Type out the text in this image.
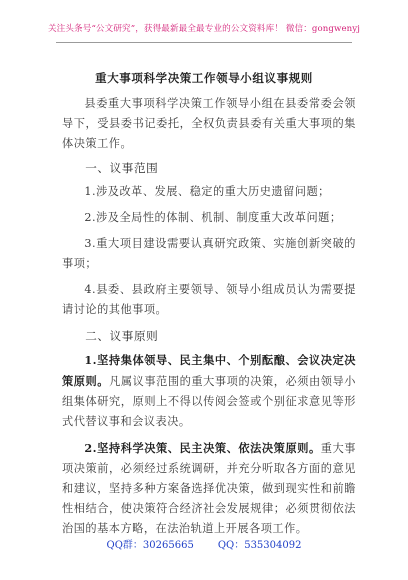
关注头条号“公文研究”，获得最新最全最专业的公文资料库！ 微信：gongwenyj
重大事项科学决策工作领导小组议事规则

县委重大事项科学决策工作领导小组在县委常委会领导下，受县委书记委托，全权负责县委有关重大事项的集体决策工作。

一、议事范围

1.涉及改革、发展、稳定的重大历史遗留问题；

2.涉及全局性的体制、机制、制度重大改革问题；

3.重大项目建设需要认真研究政策、实施创新突破的事项；

4.县委、县政府主要领导、领导小组成员认为需要提请讨论的其他事项。

二、议事原则

1.坚持集体领导、民主集中、个别酝酿、会议决定决策原则。凡属议事范围的重大事项的决策，必须由领导小组集体研究，原则上不得以传阅会签或个别征求意见等形式代替议事和会议表决。

2.坚持科学决策、民主决策、依法决策原则。重大事项决策前，必须经过系统调研，并充分听取各方面的意见和建议，坚持多种方案备选择优决策，做到现实性和前瞻性相结合，使决策符合经济社会发展规律；必须贯彻依法治国的基本方略，在法治轨道上开展各项工作。

QQ群：30265665 QQ：535304092
